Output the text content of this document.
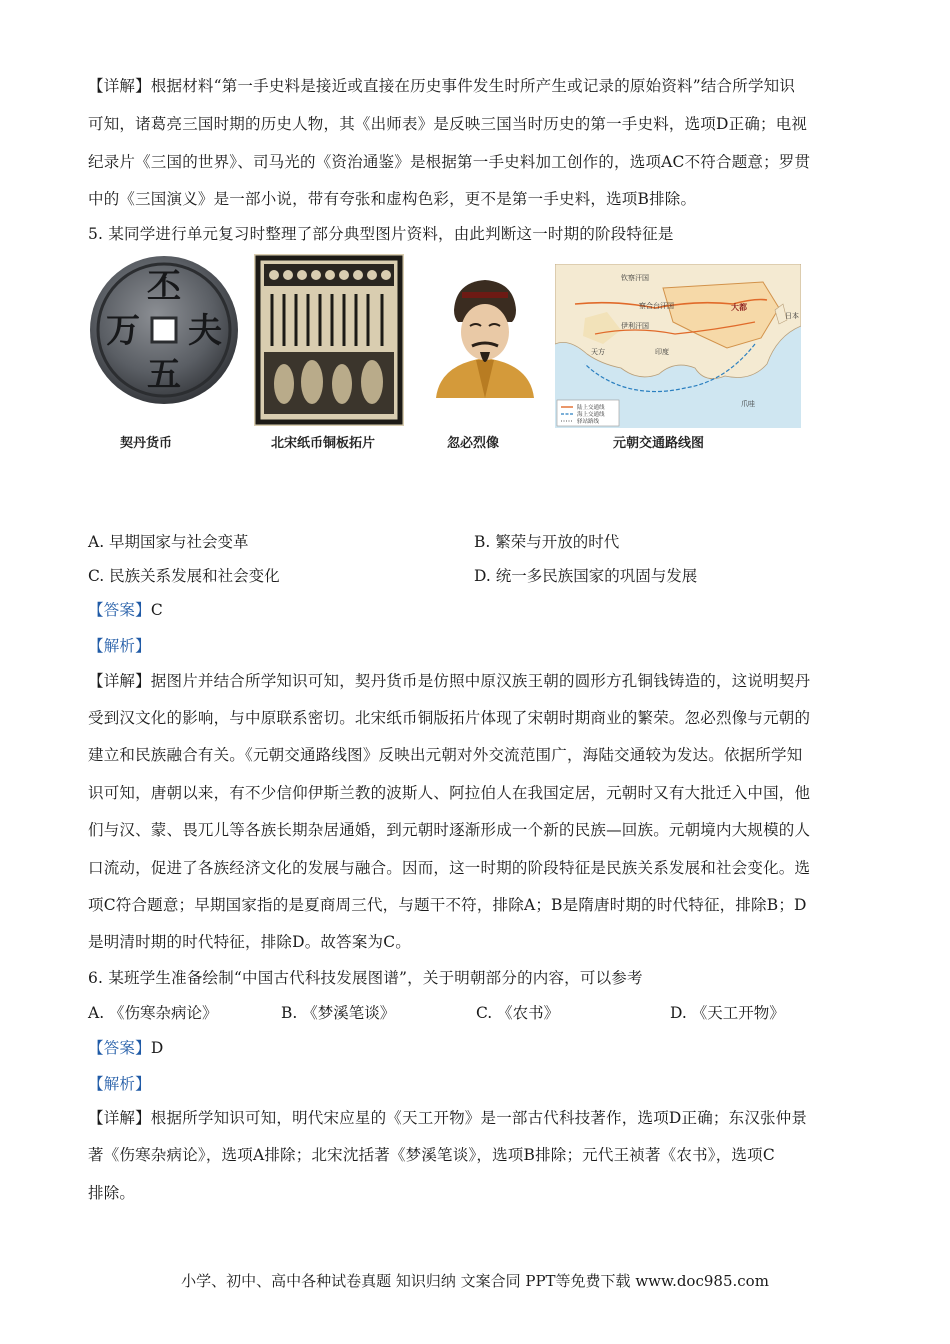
【详解】根据材料“第一手史料是接近或直接在历史事件发生时所产生或记录的原始资料”结合所学知识
可知，诸葛亮三国时期的历史人物，其《出师表》是反映三国当时历史的第一手史料，选项D正确；电视
纪录片《三国的世界》、司马光的《资治通鉴》是根据第一手史料加工创作的，选项AC不符合题意；罗贯
中的《三国演义》是一部小说，带有夸张和虚构色彩，更不是第一手史料，选项B排除。
5. 某同学进行单元复习时整理了部分典型图片资料，由此判断这一时期的阶段特征是
丕
夫
五
万
契丹货币	北宋纸币铜板拓片	忽必烈像
钦察汗国
察合台汗国
伊利汗国
大都
日本
天方	印度
爪哇
陆上交通线
海上交通线
驿站路线
元朝交通路线图
A. 早期国家与社会变革	B. 繁荣与开放的时代
C. 民族关系发展和社会变化	D. 统一多民族国家的巩固与发展
【答案】C
【解析】
【详解】据图片并结合所学知识可知，契丹货币是仿照中原汉族王朝的圆形方孔铜钱铸造的，这说明契丹
受到汉文化的影响，与中原联系密切。北宋纸币铜版拓片体现了宋朝时期商业的繁荣。忽必烈像与元朝的
建立和民族融合有关。《元朝交通路线图》反映出元朝对外交流范围广，海陆交通较为发达。依据所学知
识可知，唐朝以来，有不少信仰伊斯兰教的波斯人、阿拉伯人在我国定居，元朝时又有大批迁入中国，他
们与汉、蒙、畏兀儿等各族长期杂居通婚，到元朝时逐渐形成一个新的民族—回族。元朝境内大规模的人
口流动，促进了各族经济文化的发展与融合。因而，这一时期的阶段特征是民族关系发展和社会变化。选
项C符合题意；早期国家指的是夏商周三代，与题干不符，排除A；B是隋唐时期的时代特征，排除B；D
是明清时期的时代特征，排除D。故答案为C。
6. 某班学生准备绘制“中国古代科技发展图谱”，关于明朝部分的内容，可以参考
A. 《伤寒杂病论》	B. 《梦溪笔谈》	C. 《农书》	D. 《天工开物》
【答案】D
【解析】
【详解】根据所学知识可知，明代宋应星的《天工开物》是一部古代科技著作，选项D正确；东汉张仲景
著《伤寒杂病论》，选项A排除；北宋沈括著《梦溪笔谈》，选项B排除；元代王祯著《农书》，选项C
排除。
小学、初中、高中各种试卷真题 知识归纳 文案合同 PPT等免费下载 www.doc985.com
